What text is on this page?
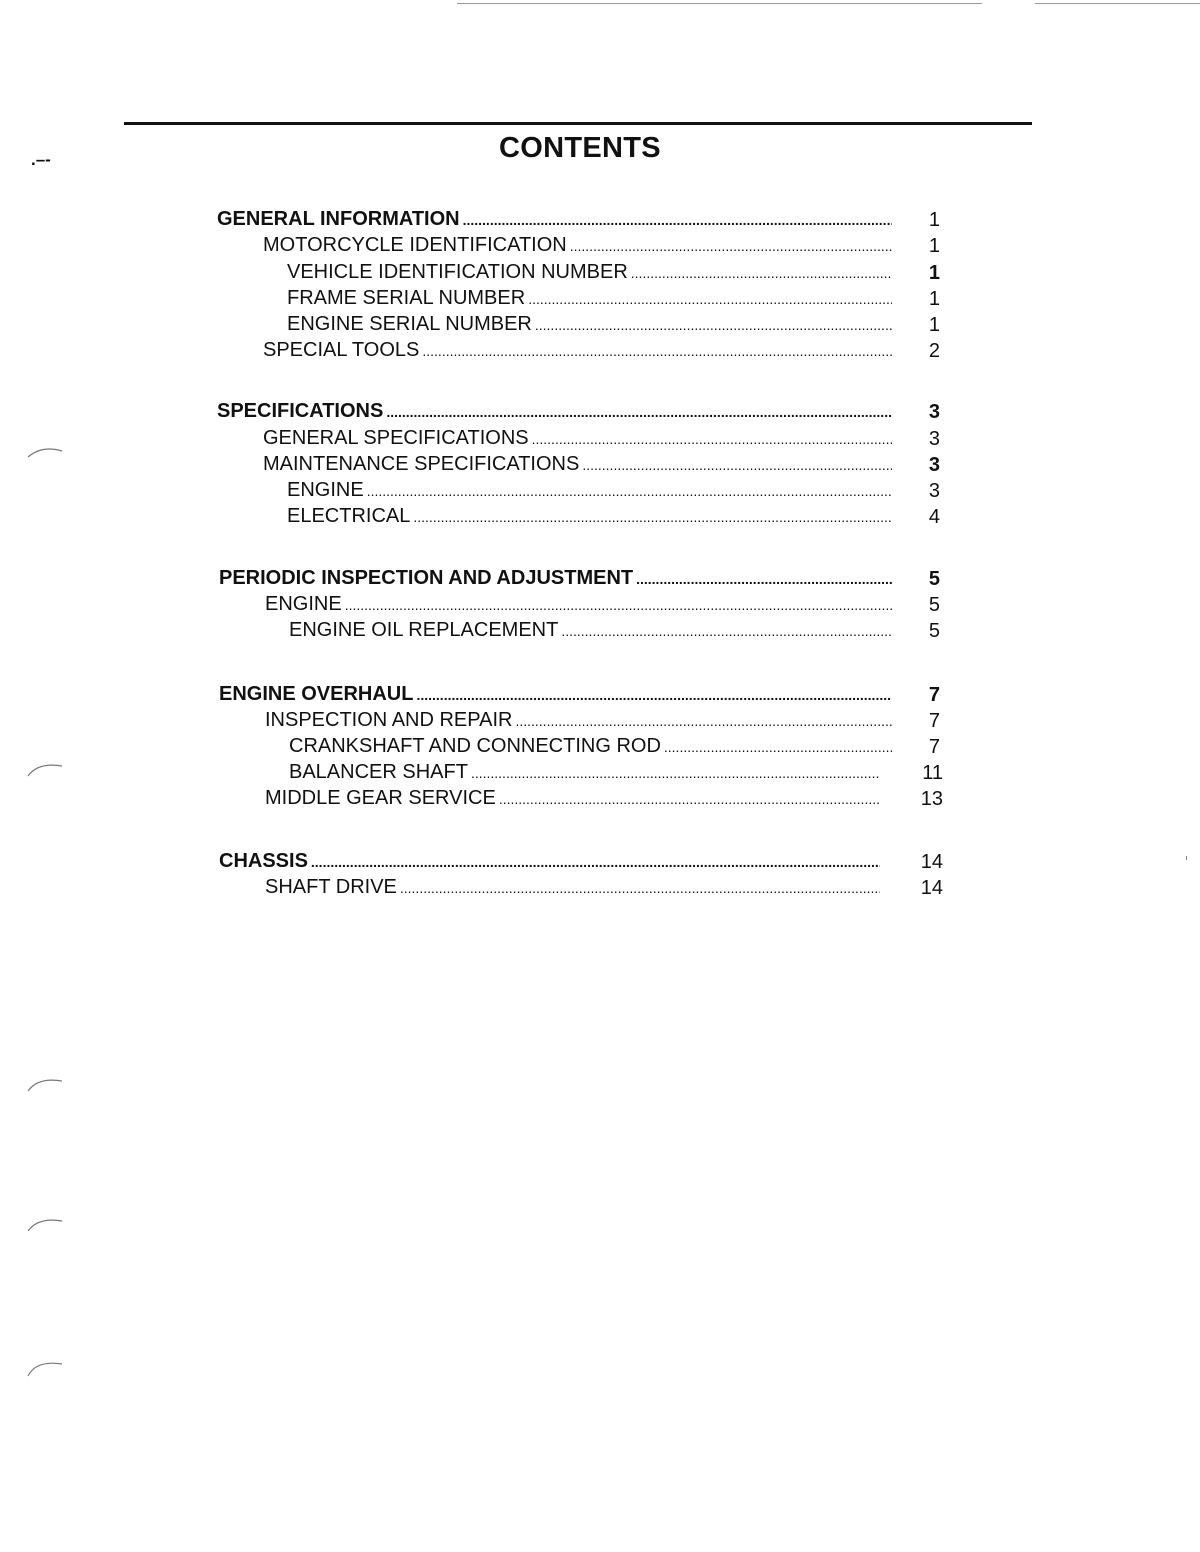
CONTENTS
.–-
GENERAL INFORMATION .....	1
MOTORCYCLE IDENTIFICATION .....	1
VEHICLE IDENTIFICATION NUMBER .....	1
FRAME SERIAL NUMBER .....	1
ENGINE SERIAL NUMBER .....	1
SPECIAL TOOLS .....	2
SPECIFICATIONS .....	3
GENERAL SPECIFICATIONS .....	3
MAINTENANCE SPECIFICATIONS .....	3
ENGINE .....	3
ELECTRICAL .....	4
PERIODIC INSPECTION AND ADJUSTMENT .....	5
ENGINE .....	5
ENGINE OIL REPLACEMENT .....	5
ENGINE OVERHAUL .....	7
INSPECTION AND REPAIR .....	7
CRANKSHAFT AND CONNECTING ROD .....	7
BALANCER SHAFT .....	11
MIDDLE GEAR SERVICE .....	13
CHASSIS .....	14
SHAFT DRIVE .....	14
